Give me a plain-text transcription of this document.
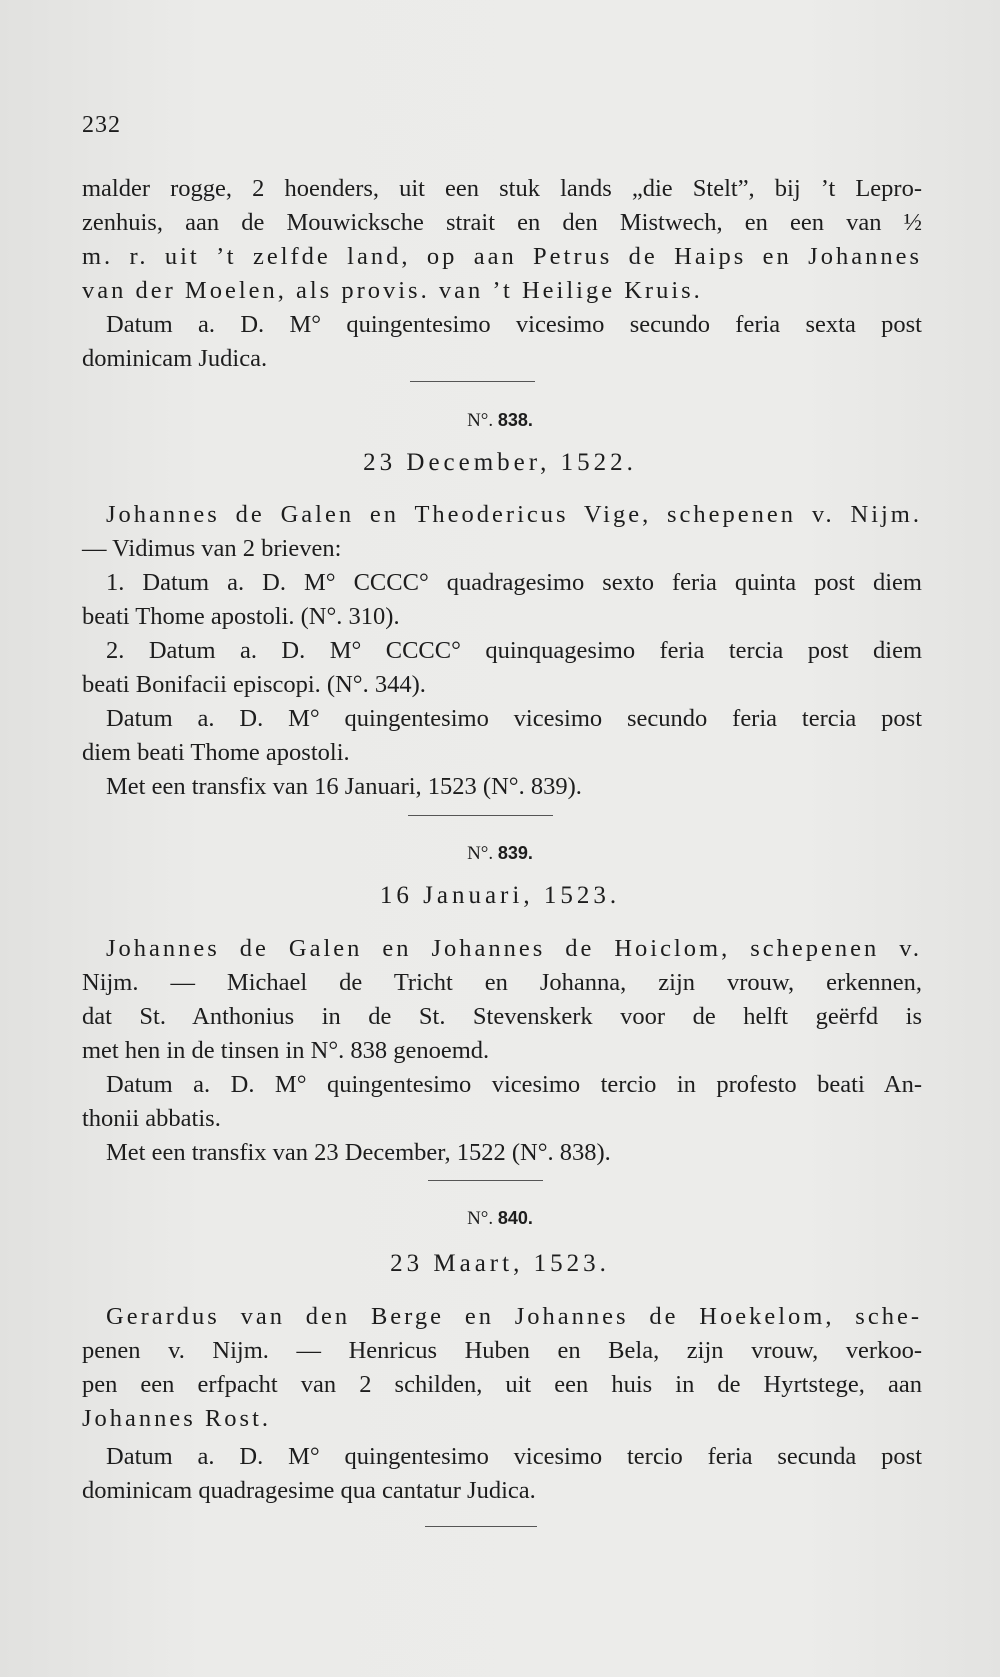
232
malder rogge, 2 hoenders, uit een stuk lands „die Stelt”, bij ’t Lepro-
zenhuis, aan de Mouwicksche strait en den Mistwech, en een van ½
m. r. uit ’t zelfde land, op aan Petrus de Haips en Johannes
van der Moelen, als provis. van ’t Heilige Kruis.
Datum a. D. M° quingentesimo vicesimo secundo feria sexta post
dominicam Judica.
N°. 838.
23 December, 1522.
Johannes de Galen en Theodericus Vige, schepenen v. Nijm.
— Vidimus van 2 brieven:
1. Datum a. D. M° CCCC° quadragesimo sexto feria quinta post diem
beati Thome apostoli. (N°. 310).
2. Datum a. D. M° CCCC° quinquagesimo feria tercia post diem
beati Bonifacii episcopi. (N°. 344).
Datum a. D. M° quingentesimo vicesimo secundo feria tercia post
diem beati Thome apostoli.
Met een transfix van 16 Januari, 1523 (N°. 839).
N°. 839.
16 Januari, 1523.
Johannes de Galen en Johannes de Hoiclom, schepenen v.
Nijm. — Michael de Tricht en Johanna, zijn vrouw, erkennen,
dat St. Anthonius in de St. Stevenskerk voor de helft geërfd is
met hen in de tinsen in N°. 838 genoemd.
Datum a. D. M° quingentesimo vicesimo tercio in profesto beati An-
thonii abbatis.
Met een transfix van 23 December, 1522 (N°. 838).
N°. 840.
23 Maart, 1523.
Gerardus van den Berge en Johannes de Hoekelom, sche-
penen v. Nijm. — Henricus Huben en Bela, zijn vrouw, verkoo-
pen een erfpacht van 2 schilden, uit een huis in de Hyrtstege, aan
Johannes Rost.
Datum a. D. M° quingentesimo vicesimo tercio feria secunda post
dominicam quadragesime qua cantatur Judica.
